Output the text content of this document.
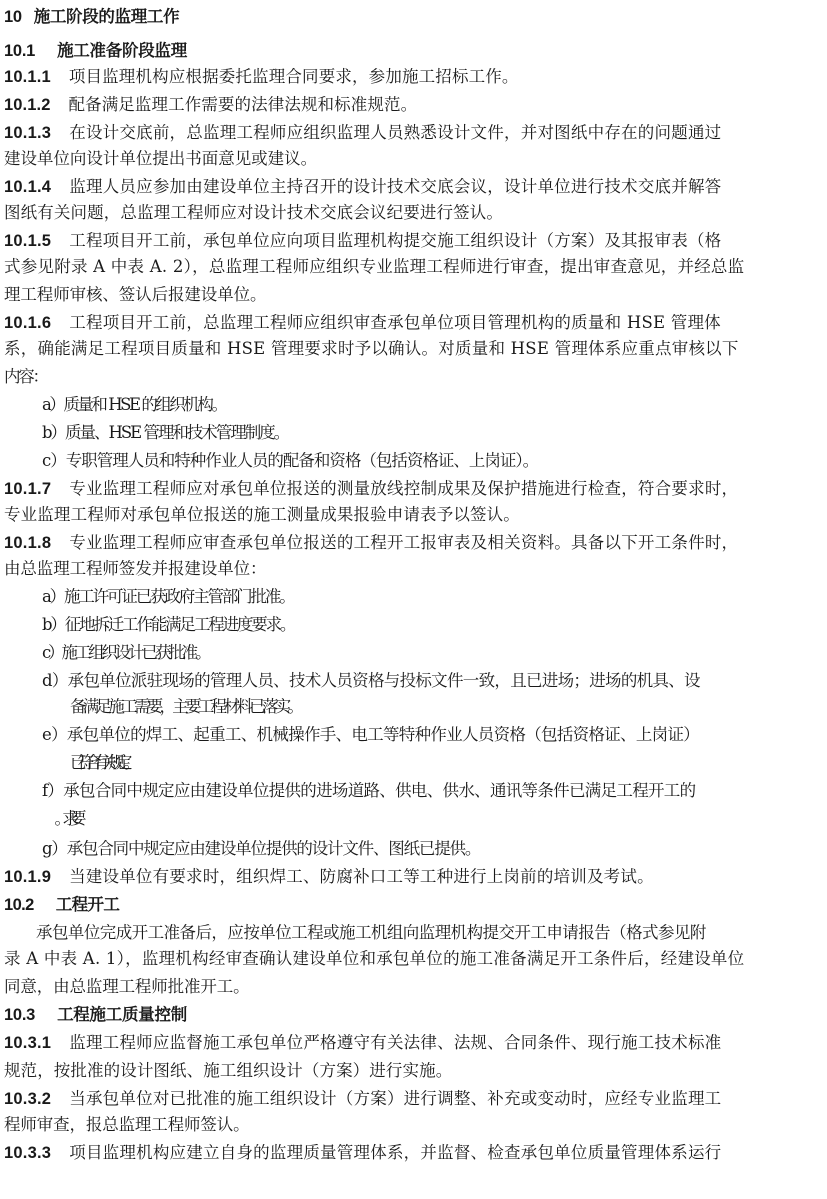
10 施工阶段的监理工作
10.1 施工准备阶段监理
10.1.1 项目监理机构应根据委托监理合同要求，参加施工招标工作。
10.1.2 配备满足监理工作需要的法律法规和标准规范。
10.1.3 在设计交底前，总监理工程师应组织监理人员熟悉设计文件，并对图纸中存在的问题通过
建设单位向设计单位提出书面意见或建议。
10.1.4 监理人员应参加由建设单位主持召开的设计技术交底会议，设计单位进行技术交底并解答
图纸有关问题，总监理工程师应对设计技术交底会议纪要进行签认。
10.1.5 工程项目开工前，承包单位应向项目监理机构提交施工组织设计（方案）及其报审表（格
式参见附录 A 中表 A. 2），总监理工程师应组织专业监理工程师进行审查，提出审查意见，并经总监
理工程师审核、签认后报建设单位。
10.1.6 工程项目开工前，总监理工程师应组织审查承包单位项目管理机构的质量和 HSE 管理体
系，确能满足工程项目质量和 HSE 管理要求时予以确认。对质量和 HSE 管理体系应重点审核以下
内容：
a）质量和 HSE 的组织机构。
b）质量、HSE 管理和技术管理制度。
c）专职管理人员和特种作业人员的配备和资格（包括资格证、上岗证）。
10.1.7 专业监理工程师应对承包单位报送的测量放线控制成果及保护措施进行检查，符合要求时，
专业监理工程师对承包单位报送的施工测量成果报验申请表予以签认。
10.1.8 专业监理工程师应审查承包单位报送的工程开工报审表及相关资料。具备以下开工条件时，
由总监理工程师签发并报建设单位：
a）施工许可证已获政府主管部门批准。
b）征地拆迁工作能满足工程进度要求。
c）施工组织设计已获批准。
d）承包单位派驻现场的管理人员、技术人员资格与投标文件一致，且已进场；进场的机具、设
备满足施工需要，主要工程材料已落实。
e）承包单位的焊工、起重工、机械操作手、电工等特种作业人员资格（包括资格证、上岗证）
已符合有关规定。
f）承包合同中规定应由建设单位提供的进场道路、供电、供水、通讯等条件已满足工程开工的
g）承包合同中规定应由建设单位提供的设计文件、图纸已提供。
10.1.9 当建设单位有要求时，组织焊工、防腐补口工等工种进行上岗前的培训及考试。
10.2 工程开工
承包单位完成开工准备后，应按单位工程或施工机组向监理机构提交开工申请报告（格式参见附
录 A 中表 A. 1），监理机构经审查确认建设单位和承包单位的施工准备满足开工条件后，经建设单位
同意，由总监理工程师批准开工。
10.3 工程施工质量控制
10.3.1 监理工程师应监督施工承包单位严格遵守有关法律、法规、合同条件、现行施工技术标准
规范，按批准的设计图纸、施工组织设计（方案）进行实施。
10.3.2 当承包单位对已批准的施工组织设计（方案）进行调整、补充或变动时，应经专业监理工
程师审查，报总监理工程师签认。
10.3.3 项目监理机构应建立自身的监理质量管理体系，并监督、检查承包单位质量管理体系运行
